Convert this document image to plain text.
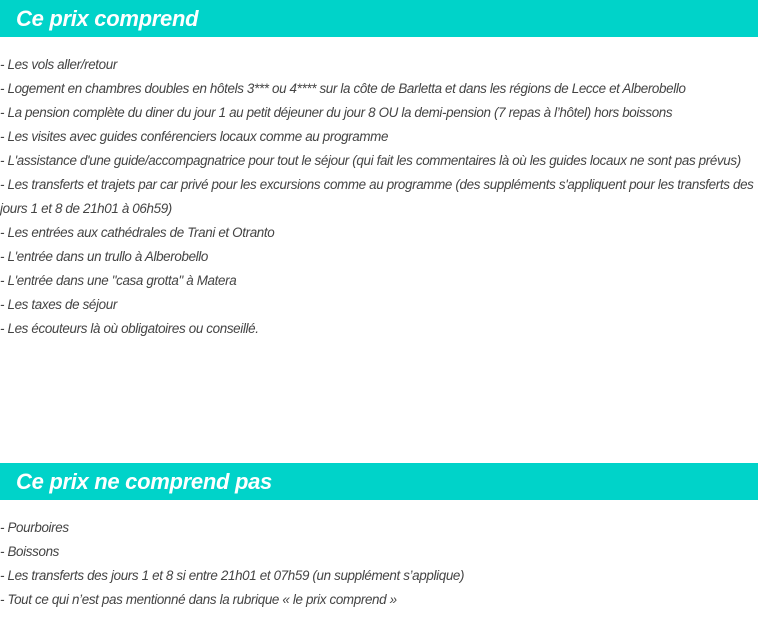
Ce prix comprend
- Les vols aller/retour
- Logement en chambres doubles en hôtels 3*** ou 4**** sur la côte de Barletta et dans les régions de Lecce et Alberobello
- La pension complète du diner du jour 1 au petit déjeuner du jour 8 OU la demi-pension (7 repas à l’hôtel) hors boissons
- Les visites avec guides conférenciers locaux comme au programme
- L'assistance d'une guide/accompagnatrice pour tout le séjour (qui fait les commentaires là où les guides locaux ne sont pas prévus)
- Les transferts et trajets par car privé pour les excursions comme au programme (des suppléments s'appliquent pour les transferts des jours 1 et 8 de 21h01 à 06h59)
- Les entrées aux cathédrales de Trani et Otranto
- L'entrée dans un trullo à Alberobello
- L'entrée dans une "casa grotta" à Matera
- Les taxes de séjour
- Les écouteurs là où obligatoires ou conseillé.
Ce prix ne comprend pas
- Pourboires
- Boissons
- Les transferts des jours 1 et 8 si entre 21h01 et 07h59 (un supplément s’applique)
- Tout ce qui n’est pas mentionné dans la rubrique « le prix comprend »
